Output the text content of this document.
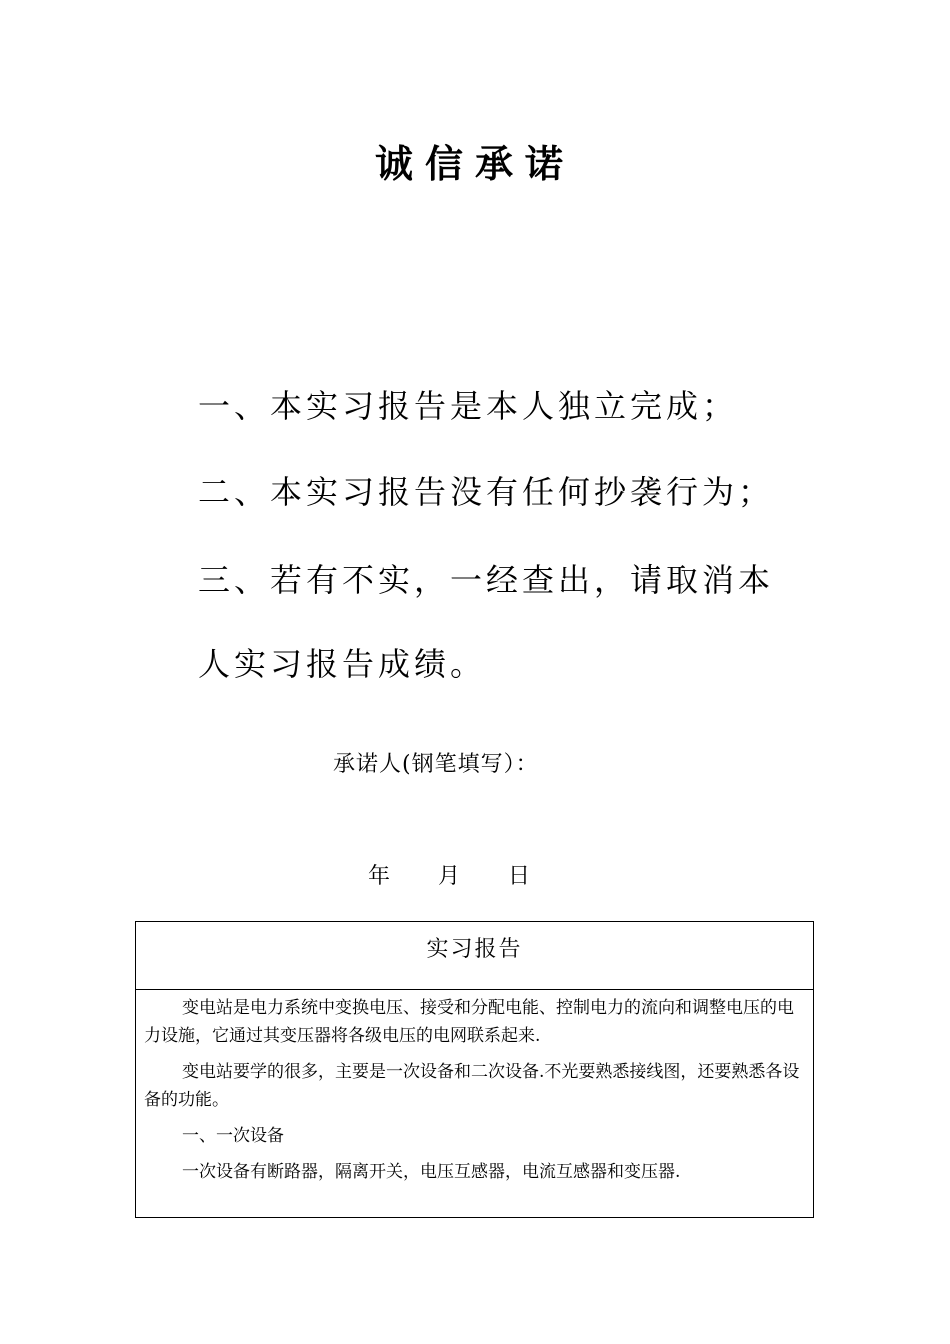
诚信承诺
一、本实习报告是本人独立完成；
二、本实习报告没有任何抄袭行为；
三、若有不实，一经查出，请取消本人实习报告成绩。
承诺人(钢笔填写）：
年 月 日
实习报告

变电站是电力系统中变换电压、接受和分配电能、控制电力的流向和调整电压的电力设施，它通过其变压器将各级电压的电网联系起来.

变电站要学的很多，主要是一次设备和二次设备.不光要熟悉接线图，还要熟悉各设备的功能。

一、一次设备

一次设备有断路器，隔离开关，电压互感器，电流互感器和变压器.
